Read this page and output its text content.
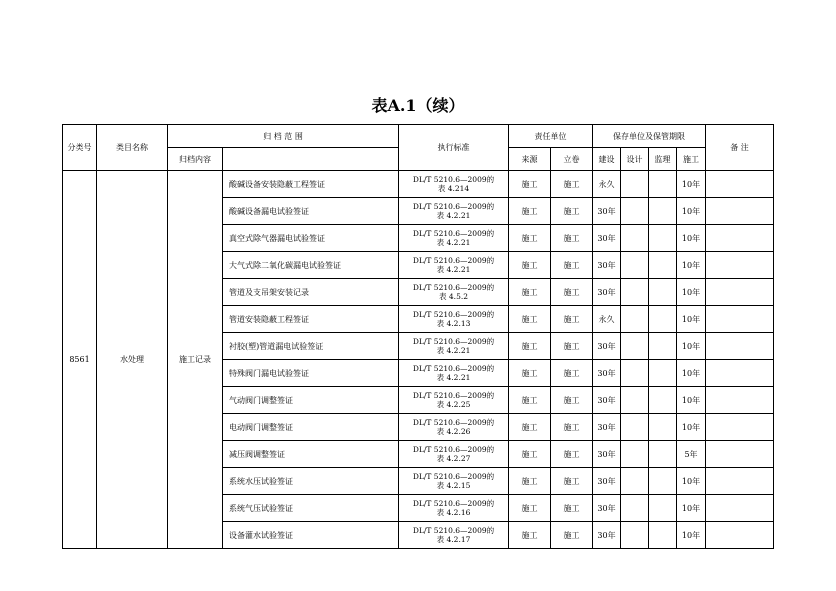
表A.1（续）
分类号	类目名称	归 档 范 围		执行标准	责任单位		保存单位及保管期限				备 注
		归档内容			来源	立卷	建设	设计	监理	施工	
8561	水处理	施工记录	酸碱设备安装隐蔽工程签证	DL/T 5210.6—2009的
表 4.214	施工	施工	永久			10年	
			酸碱设备漏电试验签证	DL/T 5210.6—2009的
表 4.2.21	施工	施工	30年			10年	
			真空式除气器漏电试验签证	DL/T 5210.6—2009的
表 4.2.21	施工	施工	30年			10年	
			大气式除二氧化碳漏电试验签证	DL/T 5210.6—2009的
表 4.2.21	施工	施工	30年			10年	
			管道及支吊架安装记录	DL/T 5210.6—2009的
表 4.5.2	施工	施工	30年			10年	
			管道安装隐蔽工程签证	DL/T 5210.6—2009的
表 4.2.13	施工	施工	永久			10年	
			衬胶(塑)管道漏电试验签证	DL/T 5210.6—2009的
表 4.2.21	施工	施工	30年			10年	
			特殊阀门漏电试验签证	DL/T 5210.6—2009的
表 4.2.21	施工	施工	30年			10年	
			气动阀门调整签证	DL/T 5210.6—2009的
表 4.2.25	施工	施工	30年			10年	
			电动阀门调整签证	DL/T 5210.6—2009的
表 4.2.26	施工	施工	30年			10年	
			减压阀调整签证	DL/T 5210.6—2009的
表 4.2.27	施工	施工	30年			5年	
			系统水压试验签证	DL/T 5210.6—2009的
表 4.2.15	施工	施工	30年			10年	
			系统气压试验签证	DL/T 5210.6—2009的
表 4.2.16	施工	施工	30年			10年	
			设备灌水试验签证	DL/T 5210.6—2009的
表 4.2.17	施工	施工	30年			10年	
